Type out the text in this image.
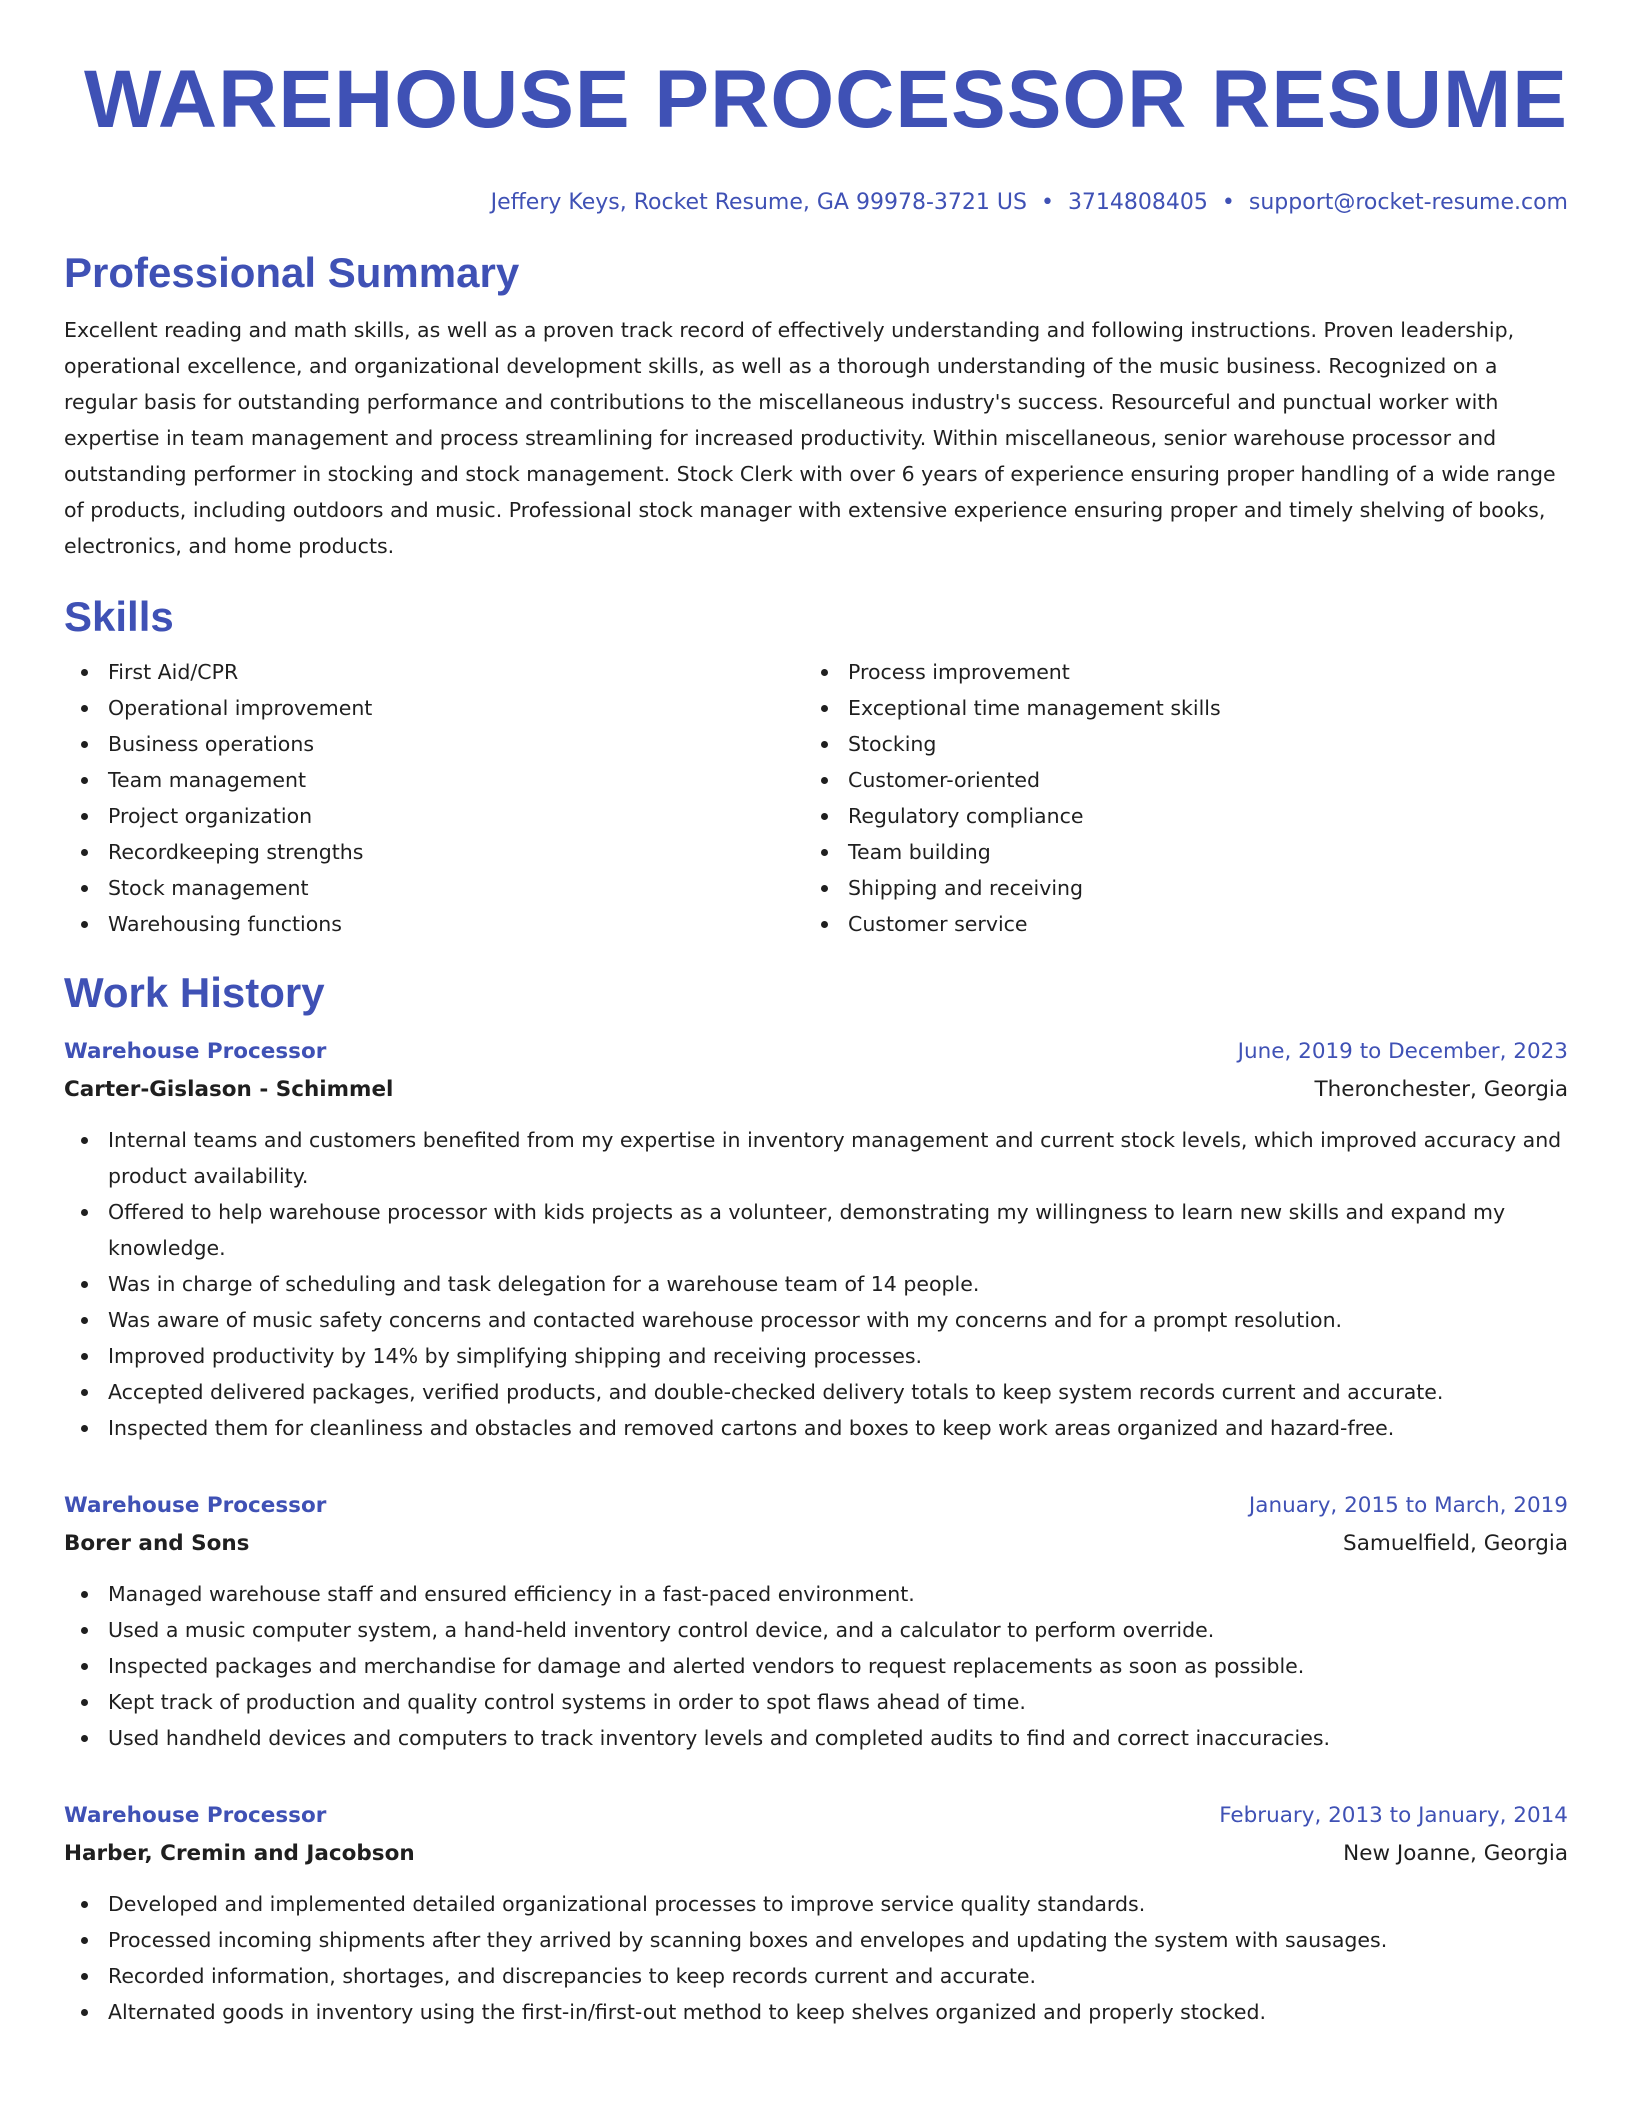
WAREHOUSE PROCESSOR RESUME
Jeffery Keys, Rocket Resume, GA 99978-3721 US • 3714808405 • support@rocket-resume.com
Professional Summary

Excellent reading and math skills, as well as a proven track record of effectively understanding and following instructions. Proven leadership, operational excellence, and organizational development skills, as well as a thorough understanding of the music business. Recognized on a regular basis for outstanding performance and contributions to the miscellaneous industry's success. Resourceful and punctual worker with expertise in team management and process streamlining for increased productivity. Within miscellaneous, senior warehouse processor and outstanding performer in stocking and stock management. Stock Clerk with over 6 years of experience ensuring proper handling of a wide range of products, including outdoors and music. Professional stock manager with extensive experience ensuring proper and timely shelving of books, electronics, and home products.

Skills
First Aid/CPR
Operational improvement
Business operations
Team management
Project organization
Recordkeeping strengths
Stock management
Warehousing functions
Process improvement
Exceptional time management skills
Stocking
Customer-oriented
Regulatory compliance
Team building
Shipping and receiving
Customer service
Work History
Warehouse Processor	June, 2019 to December, 2023
Carter-Gislason - Schimmel	Theronchester, Georgia
Internal teams and customers benefited from my expertise in inventory management and current stock levels, which improved accuracy and product availability.
Offered to help warehouse processor with kids projects as a volunteer, demonstrating my willingness to learn new skills and expand my knowledge.
Was in charge of scheduling and task delegation for a warehouse team of 14 people.
Was aware of music safety concerns and contacted warehouse processor with my concerns and for a prompt resolution.
Improved productivity by 14% by simplifying shipping and receiving processes.
Accepted delivered packages, verified products, and double-checked delivery totals to keep system records current and accurate.
Inspected them for cleanliness and obstacles and removed cartons and boxes to keep work areas organized and hazard-free.
Warehouse Processor	January, 2015 to March, 2019
Borer and Sons	Samuelfield, Georgia
Managed warehouse staff and ensured efficiency in a fast-paced environment.
Used a music computer system, a hand-held inventory control device, and a calculator to perform override.
Inspected packages and merchandise for damage and alerted vendors to request replacements as soon as possible.
Kept track of production and quality control systems in order to spot flaws ahead of time.
Used handheld devices and computers to track inventory levels and completed audits to find and correct inaccuracies.
Warehouse Processor	February, 2013 to January, 2014
Harber, Cremin and Jacobson	New Joanne, Georgia
Developed and implemented detailed organizational processes to improve service quality standards.
Processed incoming shipments after they arrived by scanning boxes and envelopes and updating the system with sausages.
Recorded information, shortages, and discrepancies to keep records current and accurate.
Alternated goods in inventory using the first-in/first-out method to keep shelves organized and properly stocked.
